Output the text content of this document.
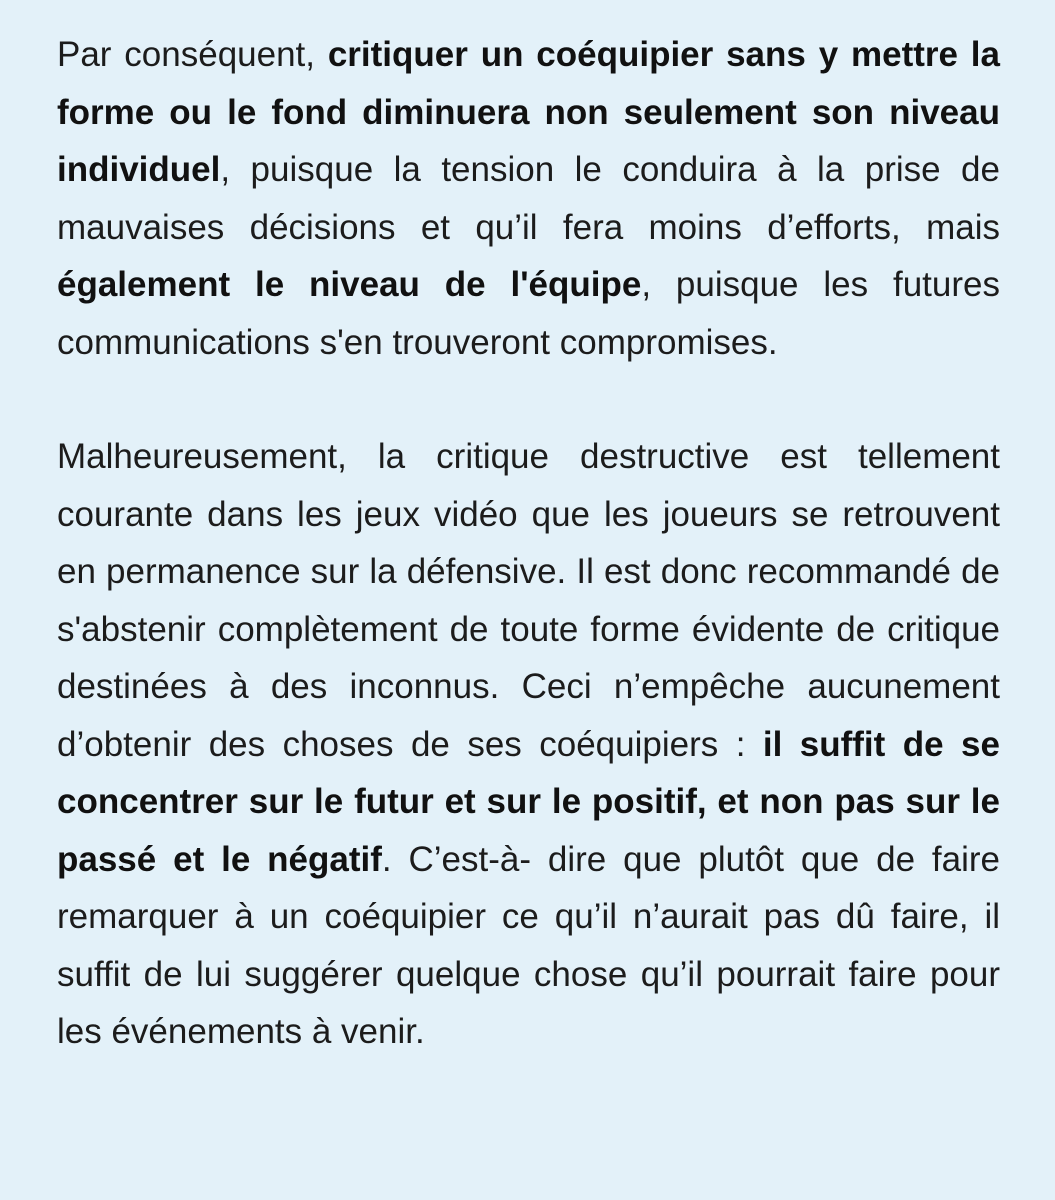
Par conséquent, critiquer un coéquipier sans y mettre la forme ou le fond diminuera non seulement son niveau individuel, puisque la tension le conduira à la prise de mauvaises décisions et qu’il fera moins d’efforts, mais également le niveau de l'équipe, puisque les futures communications s'en trouveront compromises.

Malheureusement, la critique destructive est tellement courante dans les jeux vidéo que les joueurs se retrouvent en permanence sur la défensive. Il est donc recommandé de s'abstenir complètement de toute forme évidente de critique destinées à des inconnus. Ceci n’empêche aucunement d’obtenir des choses de ses coéquipiers : il suffit de se concentrer sur le futur et sur le positif, et non pas sur le passé et le négatif. C’est-à- dire que plutôt que de faire remarquer à un coéquipier ce qu’il n’aurait pas dû faire, il suffit de lui suggérer quelque chose qu’il pourrait faire pour les événements à venir.
